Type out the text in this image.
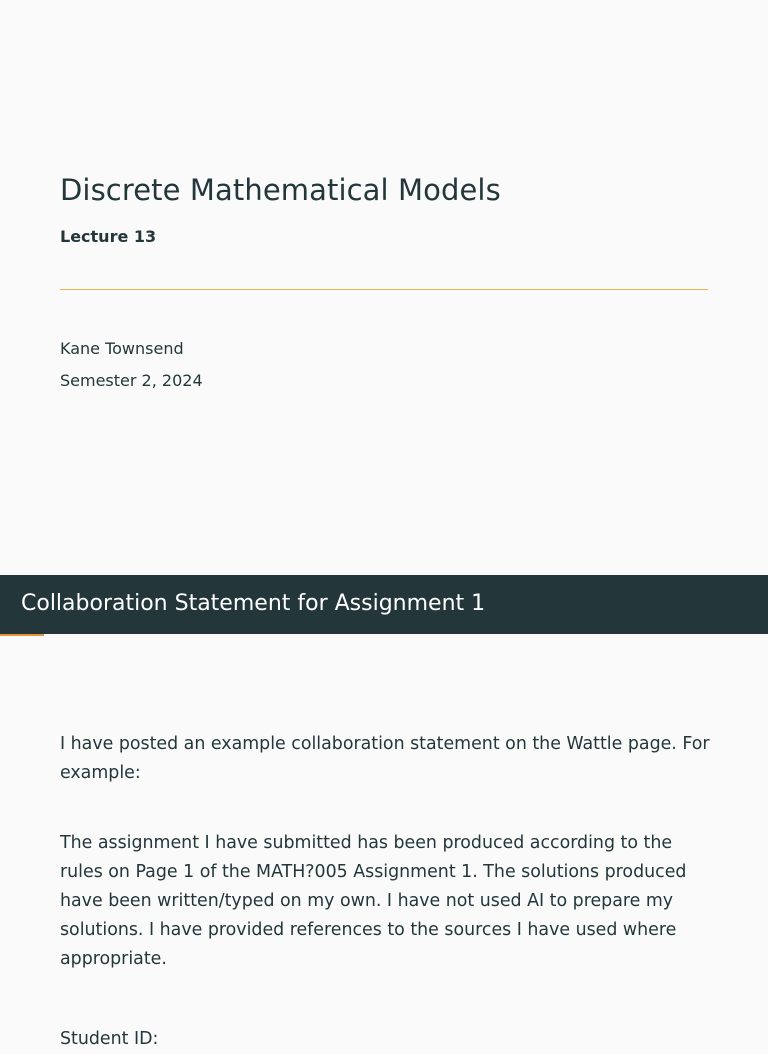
Discrete Mathematical Models

Lecture 13

Kane Townsend

Semester 2, 2024

Collaboration Statement for Assignment 1

I have posted an example collaboration statement on the Wattle page. For example:

The assignment I have submitted has been produced according to the rules on Page 1 of the MATH?005 Assignment 1. The solutions produced have been written/typed on my own. I have not used AI to prepare my solutions. I have provided references to the sources I have used where appropriate.

Student ID:
